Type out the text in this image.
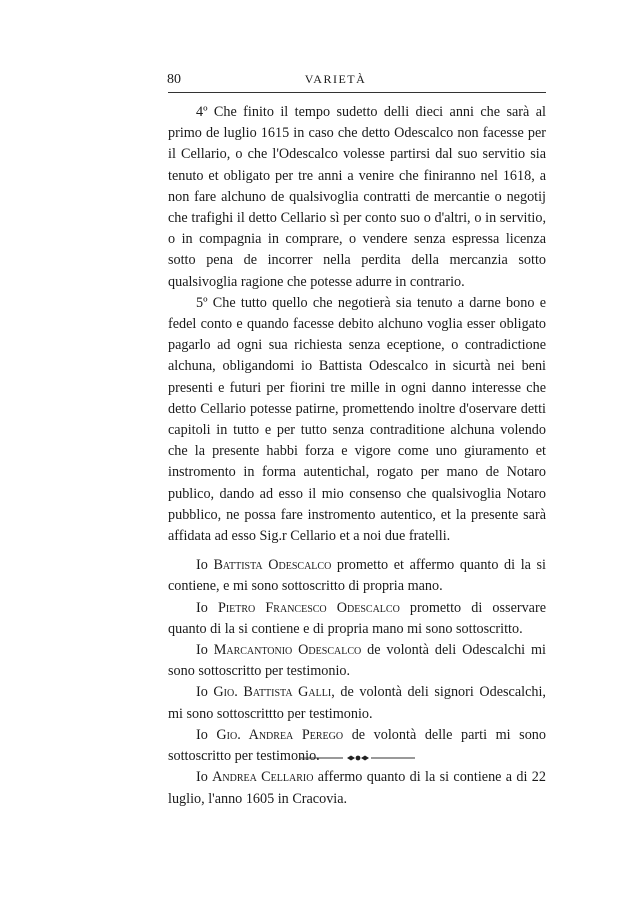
80	VARIETÀ

4º Che finito il tempo sudetto delli dieci anni che sarà al primo de luglio 1615 in caso che detto Odescalco non facesse per il Cellario, o che l'Odescalco volesse partirsi dal suo servitio sia tenuto et obligato per tre anni a venire che finiranno nel 1618, a non fare alchuno de qualsivoglia contratti de mercantie o negotij che trafighi il detto Cellario sì per conto suo o d'altri, o in servitio, o in compagnia in comprare, o vendere senza espressa licenza sotto pena de incorrer nella perdita della mercanzia sotto qualsivoglia ragione che potesse adurre in contrario.

5º Che tutto quello che negotierà sia tenuto a darne bono e fedel conto e quando facesse debito alchuno voglia esser obligato pagarlo ad ogni sua richiesta senza eceptione, o contradictione alchuna, obligandomi io Battista Odescalco in sicurtà nei beni presenti e futuri per fiorini tre mille in ogni danno interesse che detto Cellario potesse patirne, promettendo inoltre d'oservare detti capitoli in tutto e per tutto senza contraditione alchuna volendo che la presente habbi forza e vigore come uno giuramento et instromento in forma autentichal, rogato per mano de Notaro publico, dando ad esso il mio consenso che qualsivoglia Notaro pubblico, ne possa fare instromento autentico, et la presente sarà affidata ad esso Sig.r Cellario et a noi due fratelli.

Io Battista Odescalco prometto et affermo quanto di la si contiene, e mi sono sottoscritto di propria mano.

Io Pietro Francesco Odescalco prometto di osservare quanto di la si contiene e di propria mano mi sono sottoscritto.

Io Marcantonio Odescalco de volontà deli Odescalchi mi sono sottoscritto per testimonio.

Io Gio. Battista Galli, de volontà deli signori Odescalchi, mi sono sottoscrittto per testimonio.

Io Gio. Andrea Perego de volontà delle parti mi sono sottoscritto per testimonio.

Io Andrea Cellario affermo quanto di la si contiene a di 22 luglio, l'anno 1605 in Cracovia.
